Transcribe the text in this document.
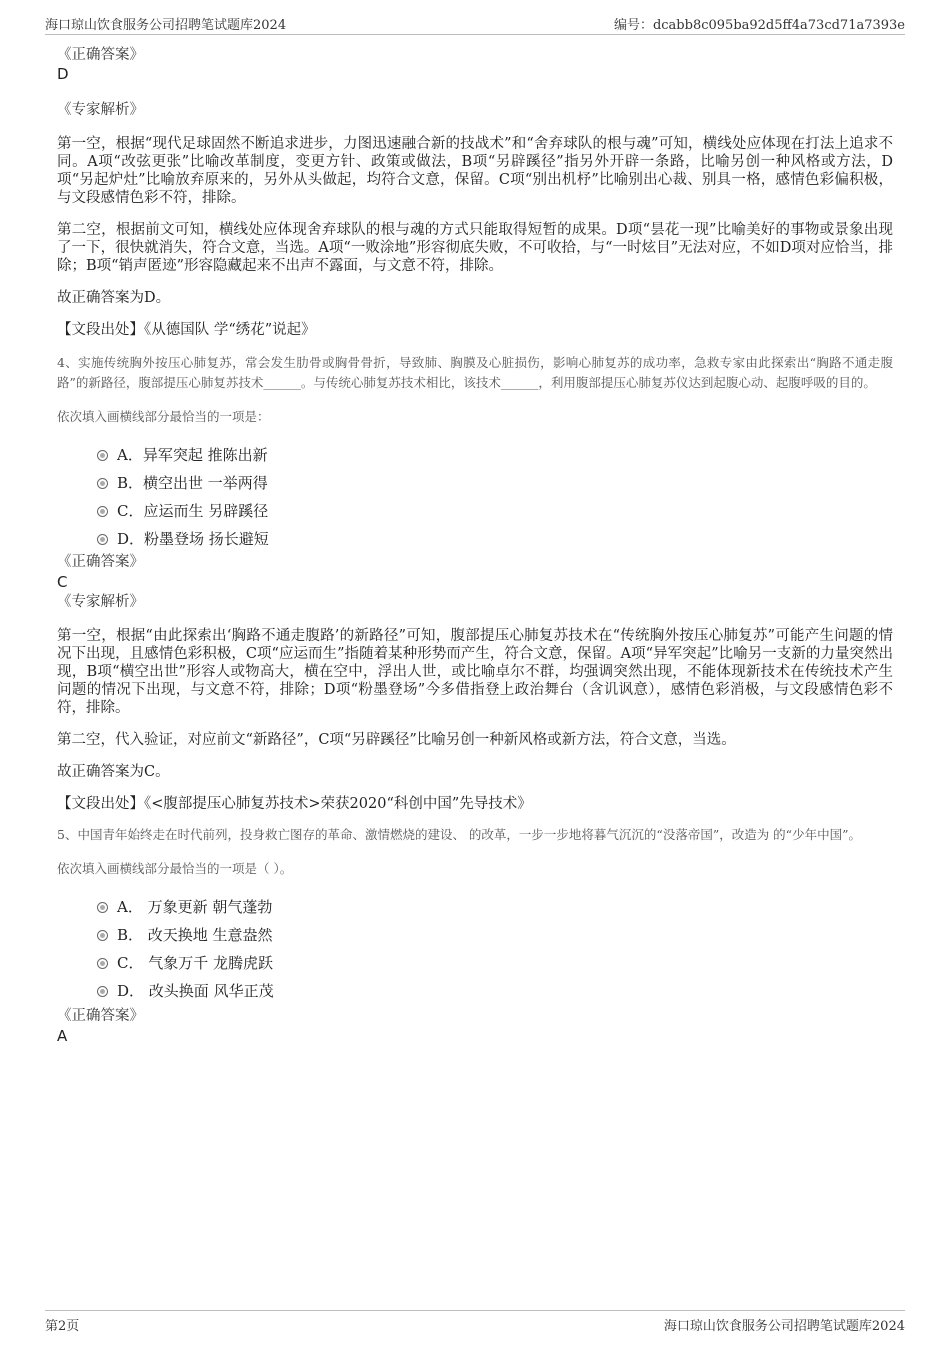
海口琼山饮食服务公司招聘笔试题库2024	编号：dcabb8c095ba92d5ff4a73cd71a7393e
《正确答案》
D
《专家解析》

第一空，根据“现代足球固然不断追求进步，力图迅速融合新的技战术”和“舍弃球队的根与魂”可知，横线处应体现在打法上追求不同。A项“改弦更张”比喻改革制度，变更方针、政策或做法，B项“另辟蹊径”指另外开辟一条路，比喻另创一种风格或方法，D项“另起炉灶”比喻放弃原来的，另外从头做起，均符合文意，保留。C项“别出机杼”比喻别出心裁、别具一格，感情色彩偏积极，与文段感情色彩不符，排除。

第二空，根据前文可知，横线处应体现舍弃球队的根与魂的方式只能取得短暂的成果。D项“昙花一现”比喻美好的事物或景象出现了一下，很快就消失，符合文意，当选。A项“一败涂地”形容彻底失败，不可收拾，与“一时炫目”无法对应，不如D项对应恰当，排除；B项“销声匿迹”形容隐藏起来不出声不露面，与文意不符，排除。

故正确答案为D。

【文段出处】《从德国队 学“绣花”说起》

4、实施传统胸外按压心肺复苏，常会发生肋骨或胸骨骨折，导致肺、胸膜及心脏损伤，影响心肺复苏的成功率，急救专家由此探索出“胸路不通走腹路”的新路径，腹部提压心肺复苏技术______。与传统心肺复苏技术相比，该技术______，利用腹部提压心肺复苏仪达到起腹心动、起腹呼吸的目的。

依次填入画横线部分最恰当的一项是：

A．异军突起 推陈出新
B．横空出世 一举两得
C．应运而生 另辟蹊径
D．粉墨登场 扬长避短
《正确答案》
C
《专家解析》

第一空，根据“由此探索出‘胸路不通走腹路’的新路径”可知，腹部提压心肺复苏技术在“传统胸外按压心肺复苏”可能产生问题的情况下出现，且感情色彩积极，C项“应运而生”指随着某种形势而产生，符合文意，保留。A项“异军突起”比喻另一支新的力量突然出现，B项“横空出世”形容人或物高大，横在空中，浮出人世，或比喻卓尔不群，均强调突然出现，不能体现新技术在传统技术产生问题的情况下出现，与文意不符，排除；D项“粉墨登场”今多借指登上政治舞台（含讥讽意），感情色彩消极，与文段感情色彩不符，排除。

第二空，代入验证，对应前文“新路径”，C项“另辟蹊径”比喻另创一种新风格或新方法，符合文意，当选。

故正确答案为C。

【文段出处】《<腹部提压心肺复苏技术>荣获2020“科创中国”先导技术》

5、中国青年始终走在时代前列，投身救亡图存的革命、激情燃烧的建设、 的改革，一步一步地将暮气沉沉的“没落帝国”，改造为 的“少年中国”。

依次填入画横线部分最恰当的一项是（ ）。

A． 万象更新 朝气蓬勃
B． 改天换地 生意盎然
C． 气象万千 龙腾虎跃
D． 改头换面 风华正茂
《正确答案》
A
第2页	海口琼山饮食服务公司招聘笔试题库2024
